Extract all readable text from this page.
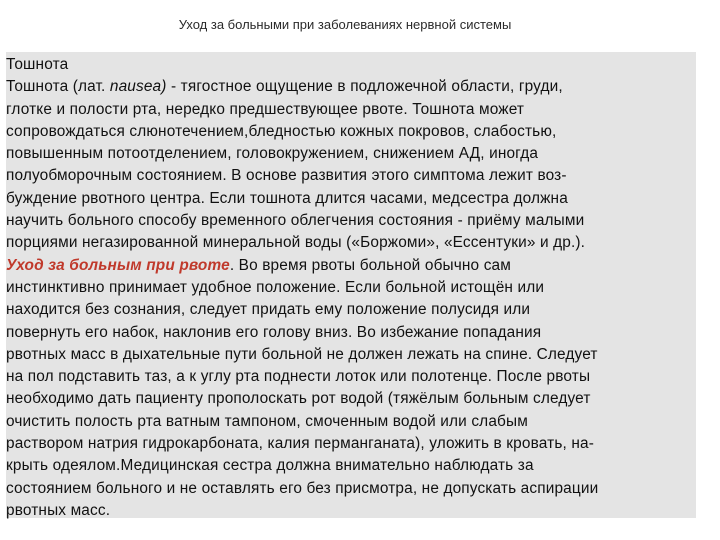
Уход за больными при заболеваниях нервной системы
Тошнота
Тошнота (лат. nausea) - тягостное ощущение в подложечной области, груди,
глотке и полости рта, нередко предшествующее рвоте. Тошнота может
сопровождаться слюнотечением,бледностью кожных покровов, слабостью,
повышенным потоотделением, головокружением, снижением АД, иногда
полуобморочным состоянием. В основе развития этого симптома лежит воз-
буждение рвотного центра. Если тошнота длится часами, медсестра должна
научить больного способу временного облегчения состояния - приёму малыми
порциями негазированной минеральной воды («Боржоми», «Ессентуки» и др.).
Уход за больным при рвоте. Во время рвоты больной обычно сам
инстинктивно принимает удобное положение. Если больной истощён или
находится без сознания, следует придать ему положение полусидя или
повернуть его набок, наклонив его голову вниз. Во избежание попадания
рвотных масс в дыхательные пути больной не должен лежать на спине. Следует
на пол подставить таз, а к углу рта поднести лоток или полотенце. После рвоты
необходимо дать пациенту прополоскать рот водой (тяжёлым больным следует
очистить полость рта ватным тампоном, смоченным водой или слабым
раствором натрия гидрокарбоната, калия перманганата), уложить в кровать, на-
крыть одеялом.Медицинская сестра должна внимательно наблюдать за
состоянием больного и не оставлять его без присмотра, не допускать аспирации
рвотных масс.
